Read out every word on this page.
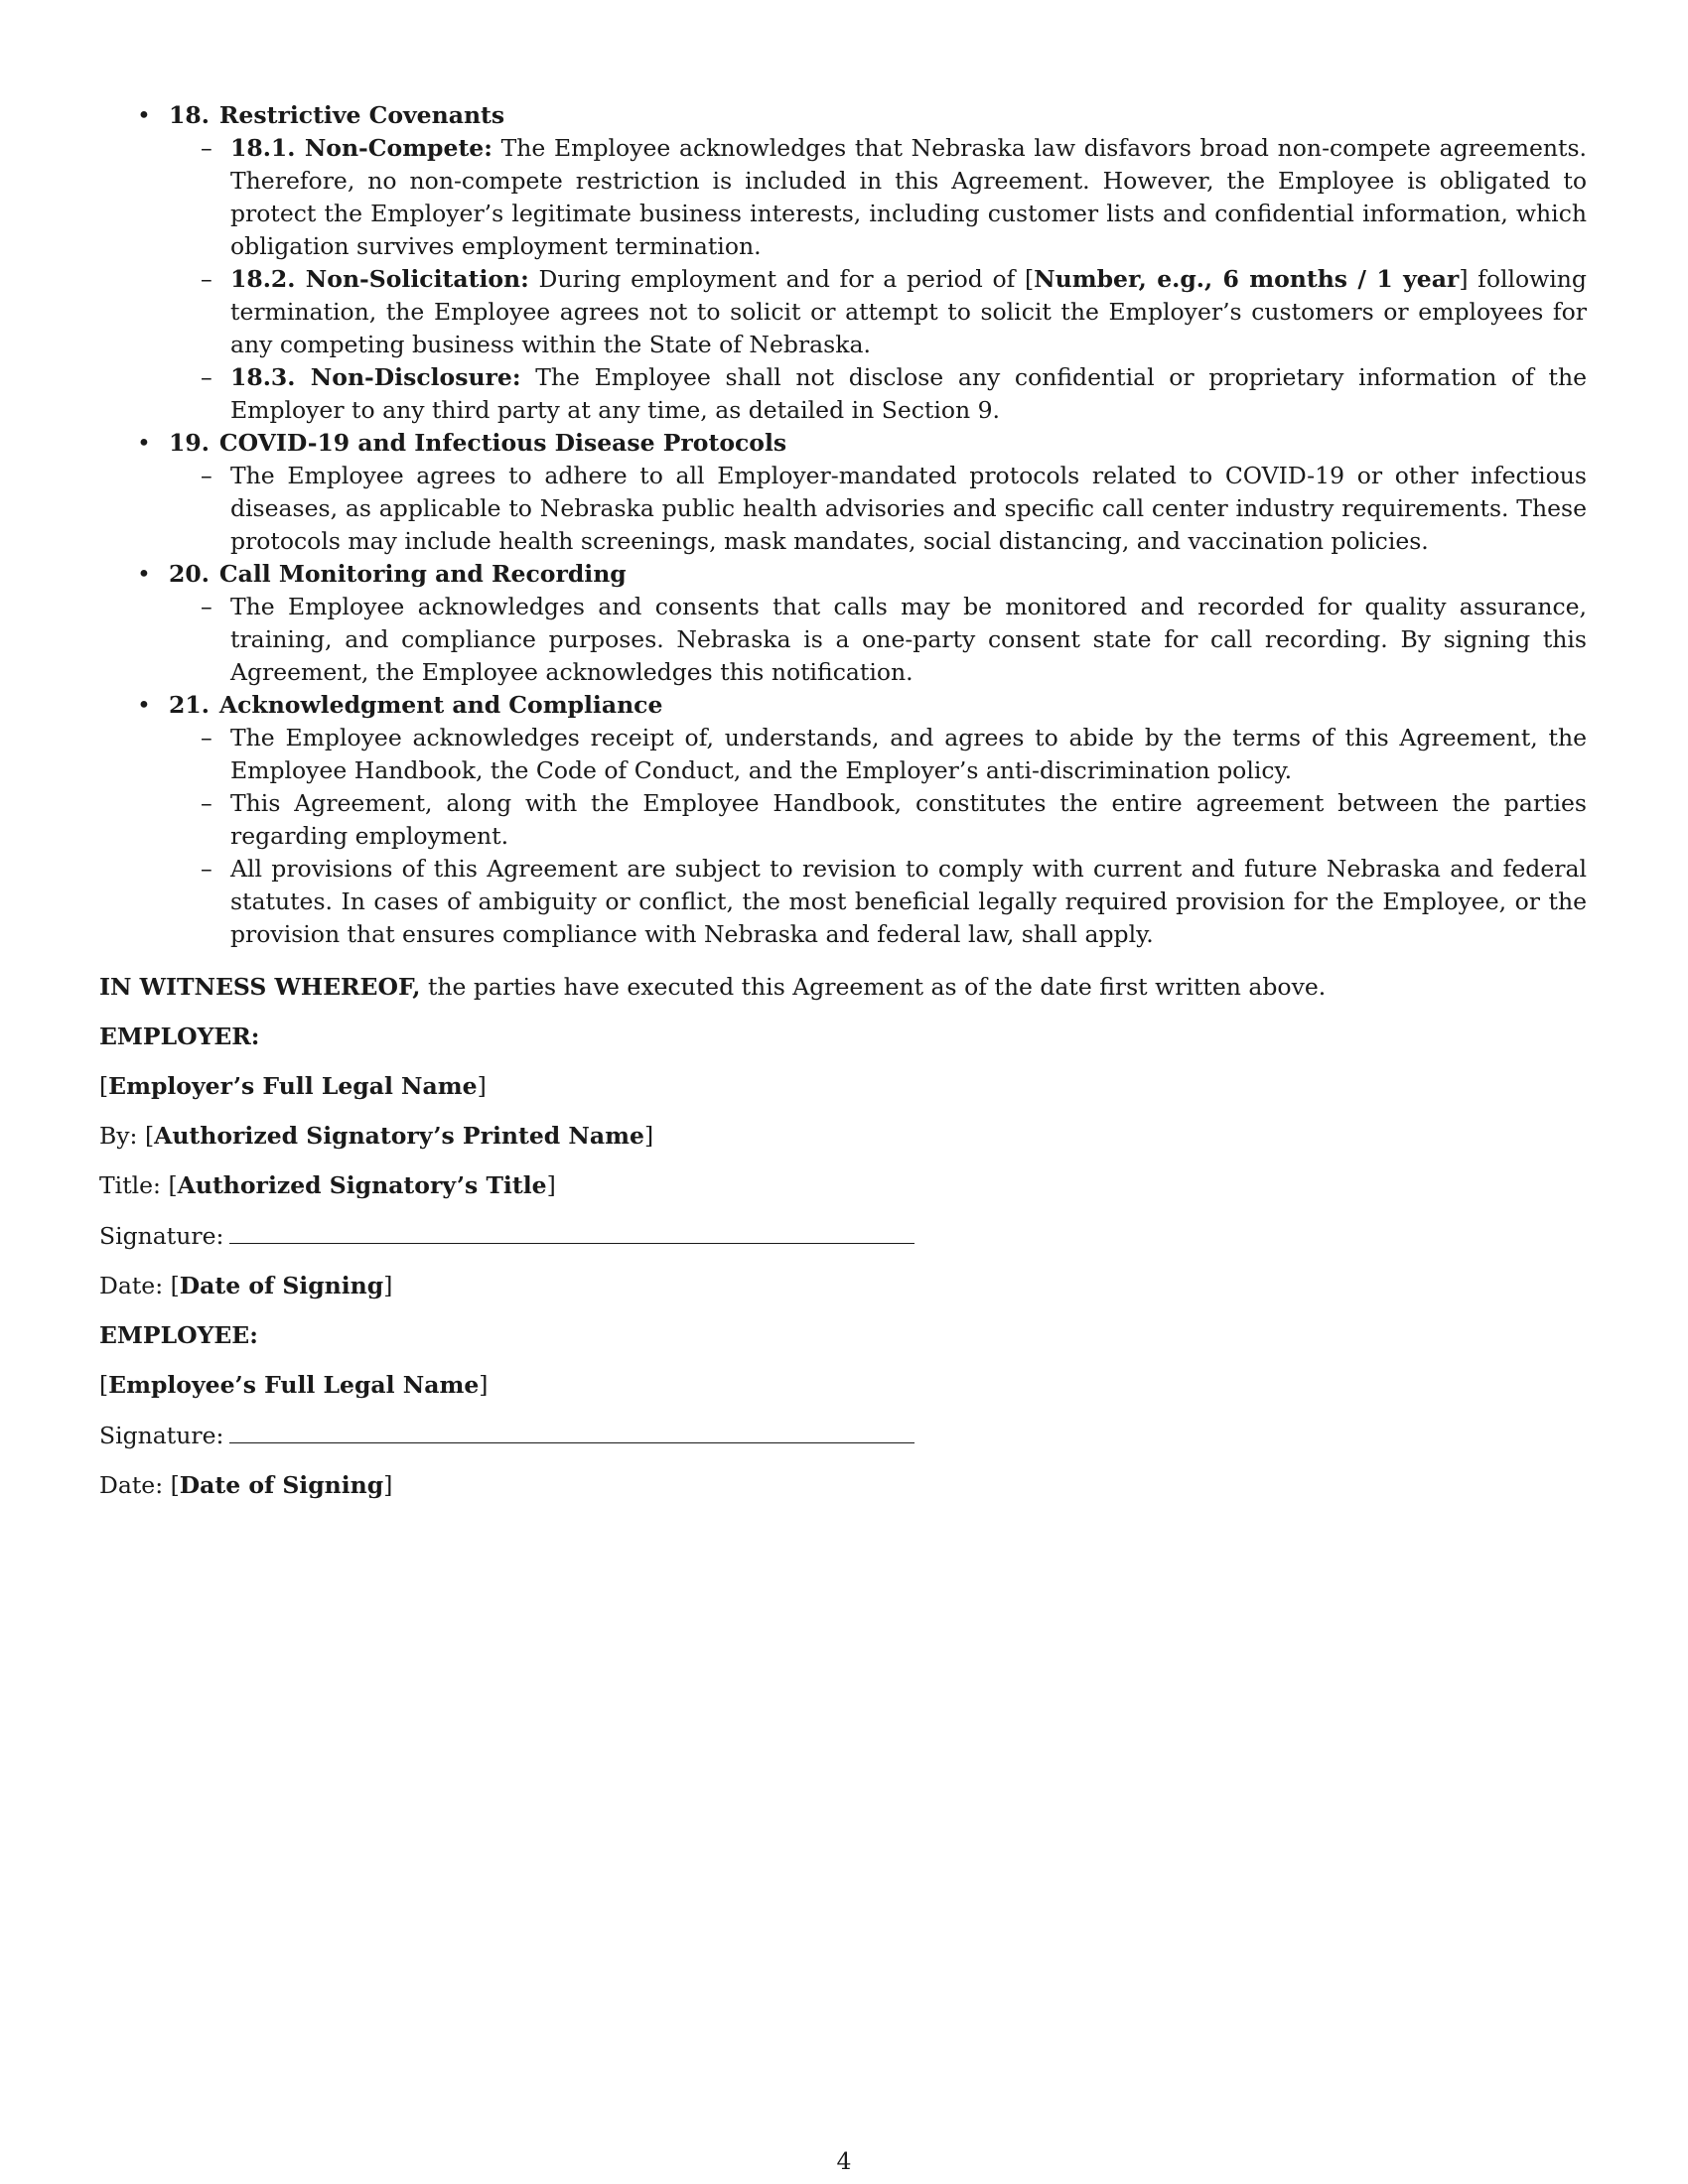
• 18. Restrictive Covenants
– 18.1. Non-Compete: The Employee acknowledges that Nebraska law disfavors broad non-compete agreements. Therefore, no non-compete restriction is included in this Agreement. However, the Employee is obligated to protect the Employer’s legitimate business interests, including customer lists and confidential information, which obligation survives employment termination.
– 18.2. Non-Solicitation: During employment and for a period of [Number, e.g., 6 months / 1 year] following termination, the Employee agrees not to solicit or attempt to solicit the Employer’s customers or employees for any competing business within the State of Nebraska.
– 18.3. Non-Disclosure: The Employee shall not disclose any confidential or proprietary information of the Employer to any third party at any time, as detailed in Section 9.
• 19. COVID-19 and Infectious Disease Protocols
– The Employee agrees to adhere to all Employer-mandated protocols related to COVID-19 or other infectious diseases, as applicable to Nebraska public health advisories and specific call center industry requirements. These protocols may include health screenings, mask mandates, social distancing, and vaccination policies.
• 20. Call Monitoring and Recording
– The Employee acknowledges and consents that calls may be monitored and recorded for quality assurance, training, and compliance purposes. Nebraska is a one-party consent state for call recording. By signing this Agreement, the Employee acknowledges this notification.
• 21. Acknowledgment and Compliance
– The Employee acknowledges receipt of, understands, and agrees to abide by the terms of this Agreement, the Employee Handbook, the Code of Conduct, and the Employer’s anti-discrimination policy.
– This Agreement, along with the Employee Handbook, constitutes the entire agreement between the parties regarding employment.
– All provisions of this Agreement are subject to revision to comply with current and future Nebraska and federal statutes. In cases of ambiguity or conflict, the most beneficial legally required provision for the Employee, or the provision that ensures compliance with Nebraska and federal law, shall apply.
IN WITNESS WHEREOF, the parties have executed this Agreement as of the date first written above.
EMPLOYER:
[Employer’s Full Legal Name]
By: [Authorized Signatory’s Printed Name]
Title: [Authorized Signatory’s Title]
Signature:
Date: [Date of Signing]
EMPLOYEE:
[Employee’s Full Legal Name]
Signature:
Date: [Date of Signing]
4
